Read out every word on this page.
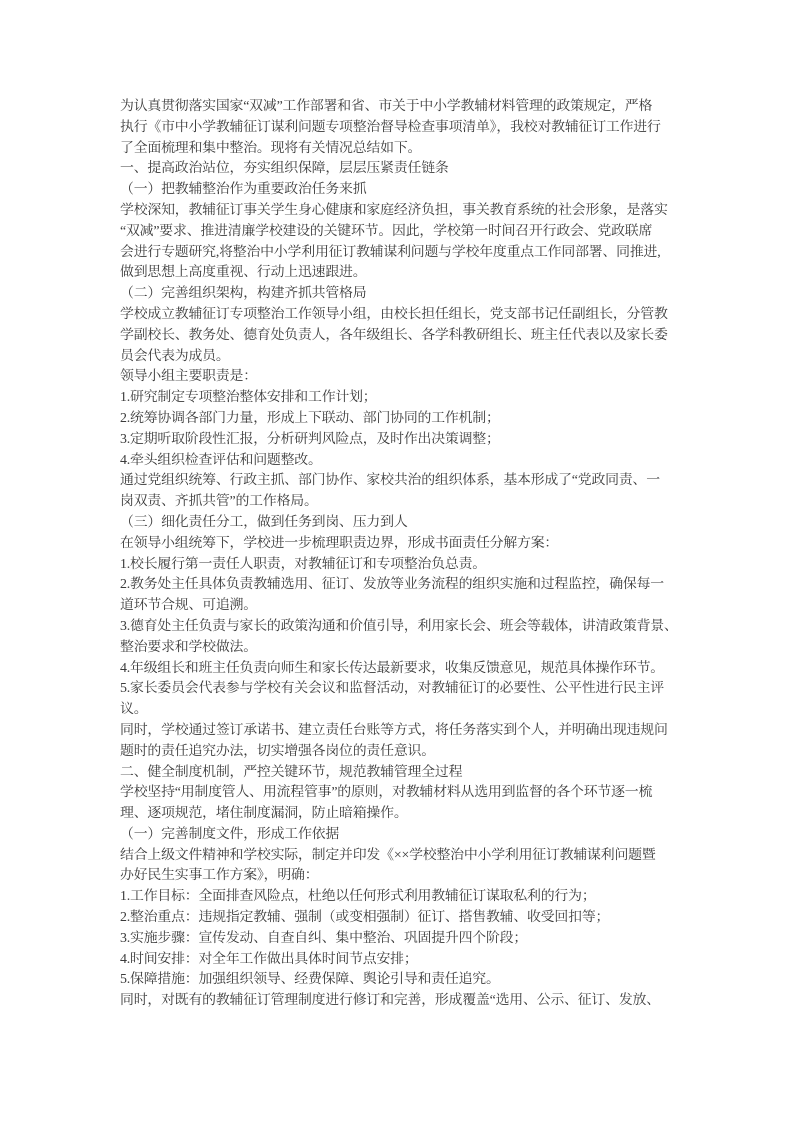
为认真贯彻落实国家“双减”工作部署和省、市关于中小学教辅材料管理的政策规定，严格
执行《市中小学教辅征订谋利问题专项整治督导检查事项清单》，我校对教辅征订工作进行
了全面梳理和集中整治。现将有关情况总结如下。
一、提高政治站位，夯实组织保障，层层压紧责任链条
（一）把教辅整治作为重要政治任务来抓
学校深知，教辅征订事关学生身心健康和家庭经济负担，事关教育系统的社会形象，是落实
“双减”要求、推进清廉学校建设的关键环节。因此，学校第一时间召开行政会、党政联席
会进行专题研究,将整治中小学利用征订教辅谋利问题与学校年度重点工作同部署、同推进,
做到思想上高度重视、行动上迅速跟进。
（二）完善组织架构，构建齐抓共管格局
学校成立教辅征订专项整治工作领导小组，由校长担任组长，党支部书记任副组长，分管教
学副校长、教务处、德育处负责人，各年级组长、各学科教研组长、班主任代表以及家长委
员会代表为成员。
领导小组主要职责是：
1.研究制定专项整治整体安排和工作计划；
2.统筹协调各部门力量，形成上下联动、部门协同的工作机制；
3.定期听取阶段性汇报，分析研判风险点，及时作出决策调整；
4.牵头组织检查评估和问题整改。
通过党组织统筹、行政主抓、部门协作、家校共治的组织体系，基本形成了“党政同责、一
岗双责、齐抓共管”的工作格局。
（三）细化责任分工，做到任务到岗、压力到人
在领导小组统筹下，学校进一步梳理职责边界，形成书面责任分解方案：
1.校长履行第一责任人职责，对教辅征订和专项整治负总责。
2.教务处主任具体负责教辅选用、征订、发放等业务流程的组织实施和过程监控，确保每一
道环节合规、可追溯。
3.德育处主任负责与家长的政策沟通和价值引导，利用家长会、班会等载体，讲清政策背景、
整治要求和学校做法。
4.年级组长和班主任负责向师生和家长传达最新要求，收集反馈意见，规范具体操作环节。
5.家长委员会代表参与学校有关会议和监督活动，对教辅征订的必要性、公平性进行民主评
议。
同时，学校通过签订承诺书、建立责任台账等方式，将任务落实到个人，并明确出现违规问
题时的责任追究办法，切实增强各岗位的责任意识。
二、健全制度机制，严控关键环节，规范教辅管理全过程
学校坚持“用制度管人、用流程管事”的原则，对教辅材料从选用到监督的各个环节逐一梳
理、逐项规范，堵住制度漏洞，防止暗箱操作。
（一）完善制度文件，形成工作依据
结合上级文件精神和学校实际，制定并印发《××学校整治中小学利用征订教辅谋利问题暨
办好民生实事工作方案》，明确：
1.工作目标：全面排查风险点，杜绝以任何形式利用教辅征订谋取私利的行为；
2.整治重点：违规指定教辅、强制（或变相强制）征订、搭售教辅、收受回扣等；
3.实施步骤：宣传发动、自查自纠、集中整治、巩固提升四个阶段；
4.时间安排：对全年工作做出具体时间节点安排；
5.保障措施：加强组织领导、经费保障、舆论引导和责任追究。
同时，对既有的教辅征订管理制度进行修订和完善，形成覆盖“选用、公示、征订、发放、
